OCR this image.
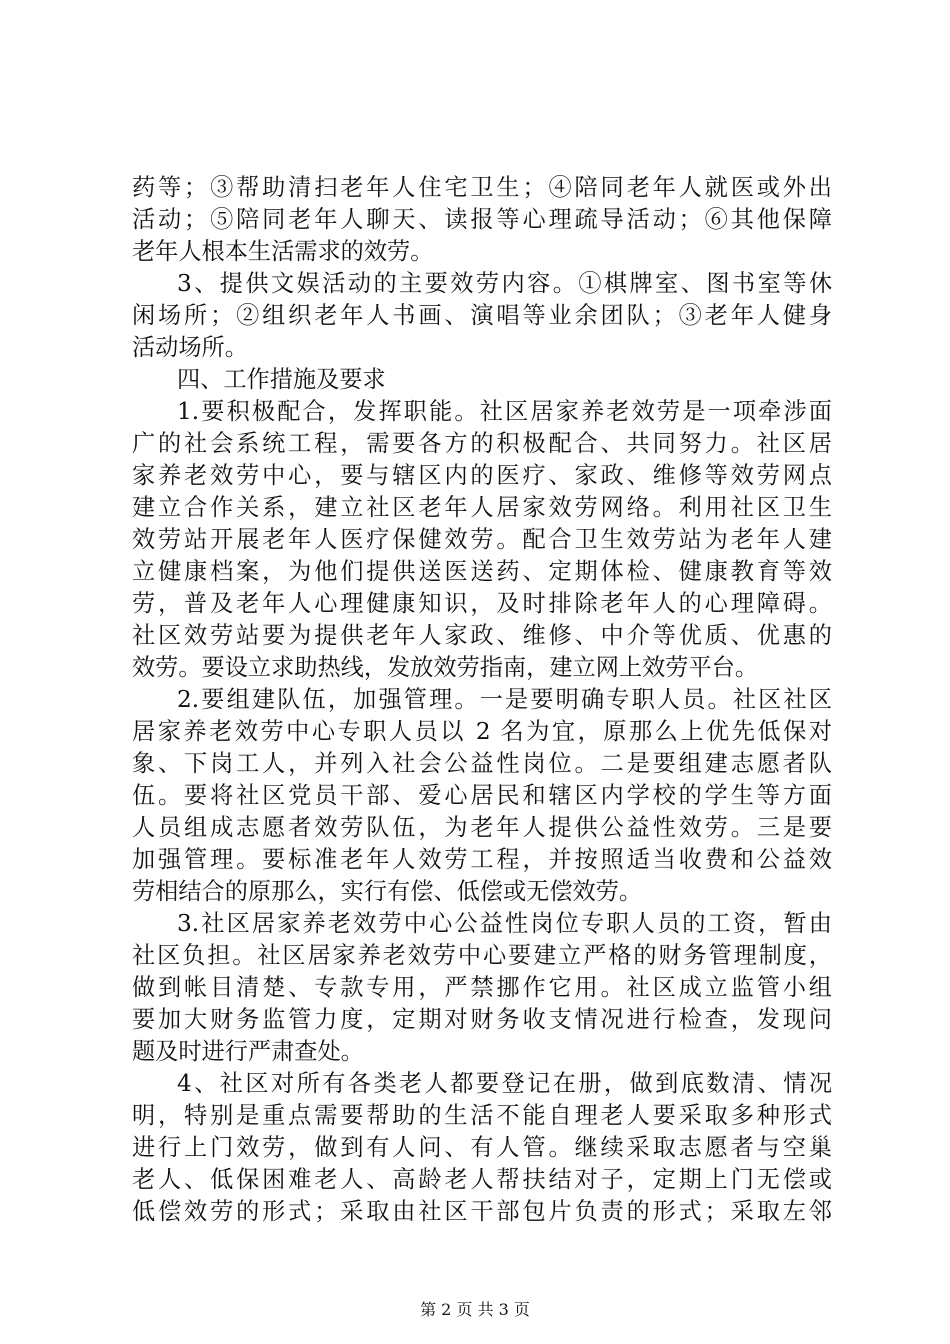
药等；③帮助清扫老年人住宅卫生；④陪同老年人就医或外出
活动；⑤陪同老年人聊天、读报等心理疏导活动；⑥其他保障
老年人根本生活需求的效劳。
3、提供文娱活动的主要效劳内容。①棋牌室、图书室等休
闲场所；②组织老年人书画、演唱等业余团队；③老年人健身
活动场所。
四、工作措施及要求
1.要积极配合，发挥职能。社区居家养老效劳是一项牵涉面
广的社会系统工程，需要各方的积极配合、共同努力。社区居
家养老效劳中心，要与辖区内的医疗、家政、维修等效劳网点
建立合作关系，建立社区老年人居家效劳网络。利用社区卫生
效劳站开展老年人医疗保健效劳。配合卫生效劳站为老年人建
立健康档案，为他们提供送医送药、定期体检、健康教育等效
劳，普及老年人心理健康知识，及时排除老年人的心理障碍。
社区效劳站要为提供老年人家政、维修、中介等优质、优惠的
效劳。要设立求助热线，发放效劳指南，建立网上效劳平台。
2.要组建队伍，加强管理。一是要明确专职人员。社区社区
居家养老效劳中心专职人员以 2 名为宜，原那么上优先低保对
象、下岗工人，并列入社会公益性岗位。二是要组建志愿者队
伍。要将社区党员干部、爱心居民和辖区内学校的学生等方面
人员组成志愿者效劳队伍，为老年人提供公益性效劳。三是要
加强管理。要标准老年人效劳工程，并按照适当收费和公益效
劳相结合的原那么，实行有偿、低偿或无偿效劳。
3.社区居家养老效劳中心公益性岗位专职人员的工资，暂由
社区负担。社区居家养老效劳中心要建立严格的财务管理制度，
做到帐目清楚、专款专用，严禁挪作它用。社区成立监管小组
要加大财务监管力度，定期对财务收支情况进行检查，发现问
题及时进行严肃查处。
4、社区对所有各类老人都要登记在册，做到底数清、情况
明，特别是重点需要帮助的生活不能自理老人要采取多种形式
进行上门效劳，做到有人问、有人管。继续采取志愿者与空巢
老人、低保困难老人、高龄老人帮扶结对子，定期上门无偿或
低偿效劳的形式；采取由社区干部包片负责的形式；采取左邻
第 2 页 共 3 页
